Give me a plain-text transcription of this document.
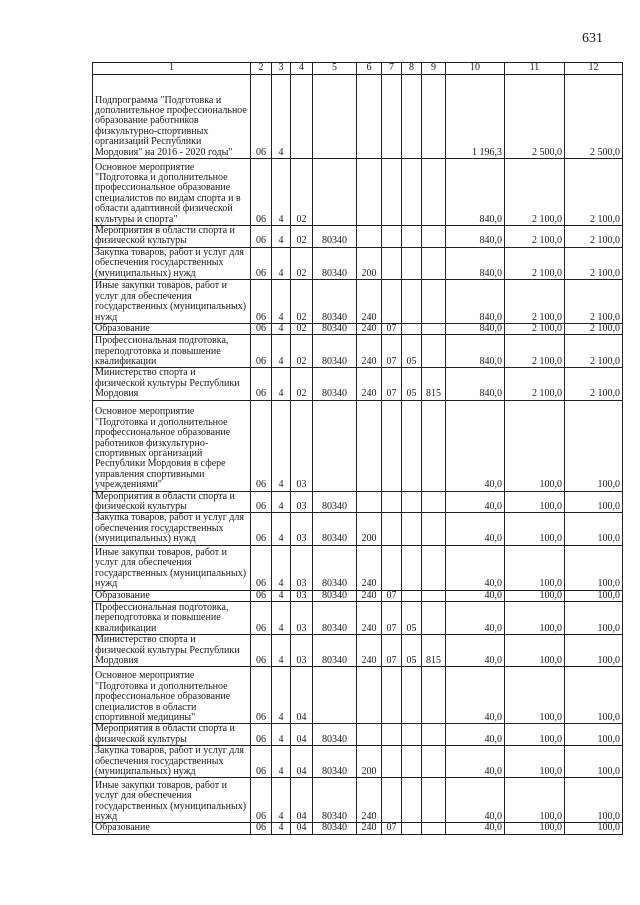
631
1	2	3	4	5	6	7	8	9	10	11	12
Подпрограмма "Подготовка и дополнительное профессиональное образование работников физкультурно-спортивных организаций Республики Мордовия" на 2016 - 2020 годы"	06	4							1 196,3	2 500,0	2 500,0
Основное мероприятие "Подготовка и дополнительное профессиональное образование специалистов по видам спорта и в области адаптивной физической культуры и спорта"	06	4	02						840,0	2 100,0	2 100,0
Мероприятия в области спорта и физической культуры	06	4	02	80340					840,0	2 100,0	2 100,0
Закупка товаров, работ и услуг для обеспечения государственных (муниципальных) нужд	06	4	02	80340	200				840,0	2 100,0	2 100,0
Иные закупки товаров, работ и услуг для обеспечения государственных (муниципальных) нужд	06	4	02	80340	240				840,0	2 100,0	2 100,0
Образование	06	4	02	80340	240	07			840,0	2 100,0	2 100,0
Профессиональная подготовка, переподготовка и повышение квалификации	06	4	02	80340	240	07	05		840,0	2 100,0	2 100,0
Министерство спорта и физической культуры Республики Мордовия	06	4	02	80340	240	07	05	815	840,0	2 100,0	2 100,0
Основное мероприятие "Подготовка и дополнительное профессиональное образование работников физкультурно-спортивных организаций Республики Мордовия в сфере управления спортивными учреждениями"	06	4	03						40,0	100,0	100,0
Мероприятия в области спорта и физической культуры	06	4	03	80340					40,0	100,0	100,0
Закупка товаров, работ и услуг для обеспечения государственных (муниципальных) нужд	06	4	03	80340	200				40,0	100,0	100,0
Иные закупки товаров, работ и услуг для обеспечения государственных (муниципальных) нужд	06	4	03	80340	240				40,0	100,0	100,0
Образование	06	4	03	80340	240	07			40,0	100,0	100,0
Профессиональная подготовка, переподготовка и повышение квалификации	06	4	03	80340	240	07	05		40,0	100,0	100,0
Министерство спорта и физической культуры Республики Мордовия	06	4	03	80340	240	07	05	815	40,0	100,0	100,0
Основное мероприятие "Подготовка и дополнительное профессиональное образование специалистов в области спортивной медицины"	06	4	04						40,0	100,0	100,0
Мероприятия в области спорта и физической культуры	06	4	04	80340					40,0	100,0	100,0
Закупка товаров, работ и услуг для обеспечения государственных (муниципальных) нужд	06	4	04	80340	200				40,0	100,0	100,0
Иные закупки товаров, работ и услуг для обеспечения государственных (муниципальных) нужд	06	4	04	80340	240				40,0	100,0	100,0
Образование	06	4	04	80340	240	07			40,0	100,0	100,0
